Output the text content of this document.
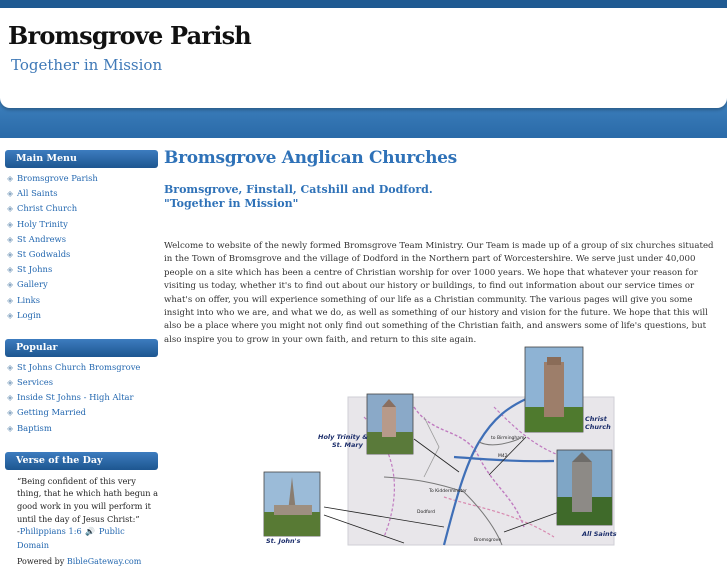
Bromsgrove Parish
Together in Mission
Main Menu
◈ Bromsgrove Parish
◈ All Saints
◈ Christ Church
◈ Holy Trinity
◈ St Andrews
◈ St Godwalds
◈ St Johns
◈ Gallery
◈ Links
◈ Login
Popular
◈ St Johns Church Bromsgrove
◈ Services
◈ Inside St Johns - High Altar
◈ Getting Married
◈ Baptism
Verse of the Day
“Being confident of this very thing, that he which hath begun a good work in you will perform it until the day of Jesus Christ:”
-Philippians 1:6 🔊 Public Domain
Powered by BibleGateway.com
Bromsgrove Anglican Churches
Bromsgrove, Finstall, Catshill and Dodford.
"Together in Mission"

Welcome to website of the newly formed Bromsgrove Team Ministry. Our Team is made up of a group of six churches situated in the Town of Bromsgrove and the village of Dodford in the Northern part of Worcestershire. We serve just under 40,000 people on a site which has been a centre of Christian worship for over 1000 years. We hope that whatever your reason for visiting us today, whether it's to find out about our history or buildings, to find out information about our service times or what's on offer, you will experience something of our life as a Christian community. The various pages will give you some insight into who we are, and what we do, as well as something of our history and vision for the future. We hope that this will also be a place where you might not only find out something of the Christian faith, and answers some of life's questions, but also inspire you to grow in your own faith, and return to this site again.

to Birmingham
To Kidderminster
Dodford
M42
Bromsgrove
Holy Trinity &
St. Mary
Christ
Church
All Saints
St. John's
